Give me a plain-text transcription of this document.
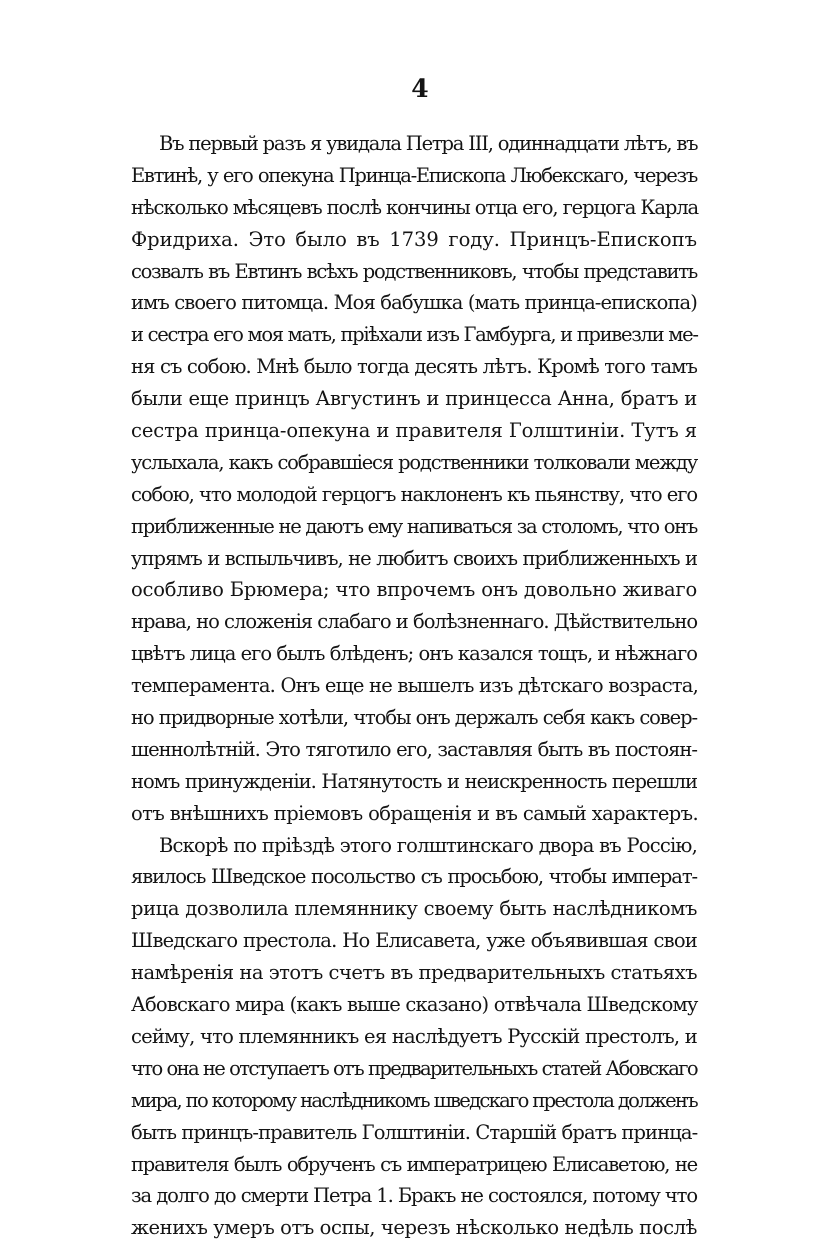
4
Въ первый разъ я увидала Петра III, одиннадцати лѣтъ, въ
Евтинѣ, у его опекуна Принца-Епископа Любекскаго, черезъ
нѣсколько мѣсяцевъ послѣ кончины отца его, герцога Карла
Фридриха. Это было въ 1739 году. Принцъ-Епископъ
созвалъ въ Евтинъ всѣхъ родственниковъ, чтобы представить
имъ своего питомца. Моя бабушка (мать принца-епископа)
и сестра его моя мать, пріѣхали изъ Гамбурга, и привезли ме-
ня съ собою. Мнѣ было тогда десять лѣтъ. Кромѣ того тамъ
были еще принцъ Августинъ и принцесса Анна, братъ и
сестра принца-опекуна и правителя Голштиніи. Тутъ я
услыхала, какъ собравшіеся родственники толковали между
собою, что молодой герцогъ наклоненъ къ пьянству, что его
приближенные не даютъ ему напиваться за столомъ, что онъ
упрямъ и вспыльчивъ, не любитъ своихъ приближенныхъ и
особливо Брюмера; что впрочемъ онъ довольно живаго
нрава, но сложенія слабаго и болѣзненнаго. Дѣйствительно
цвѣтъ лица его былъ блѣденъ; онъ казался тощъ, и нѣжнаго
темперамента. Онъ еще не вышелъ изъ дѣтскаго возраста,
но придворные хотѣли, чтобы онъ держалъ себя какъ совер-
шеннолѣтній. Это тяготило его, заставляя быть въ постоян-
номъ принужденіи. Натянутость и неискренность перешли
отъ внѣшнихъ пріемовъ обращенія и въ самый характеръ.
Вскорѣ по пріѣздѣ этого голштинскаго двора въ Россію,
явилось Шведское посольство съ просьбою, чтобы императ-
рица дозволила племяннику своему быть наслѣдникомъ
Шведскаго престола. Но Елисавета, уже объявившая свои
намѣренія на этотъ счетъ въ предварительныхъ статьяхъ
Абовскаго мира (какъ выше сказано) отвѣчала Шведскому
сейму, что племянникъ ея наслѣдуетъ Русскій престолъ, и
что она не отступаетъ отъ предварительныхъ статей Абовскаго
мира, по которому наслѣдникомъ шведскаго престола долженъ
быть принцъ-правитель Голштиніи. Старшій братъ принца-
правителя былъ обрученъ съ императрицею Елисаветою, не
за долго до смерти Петра 1. Бракъ не состоялся, потому что
женихъ умеръ отъ оспы, черезъ нѣсколько недѣль послѣ
